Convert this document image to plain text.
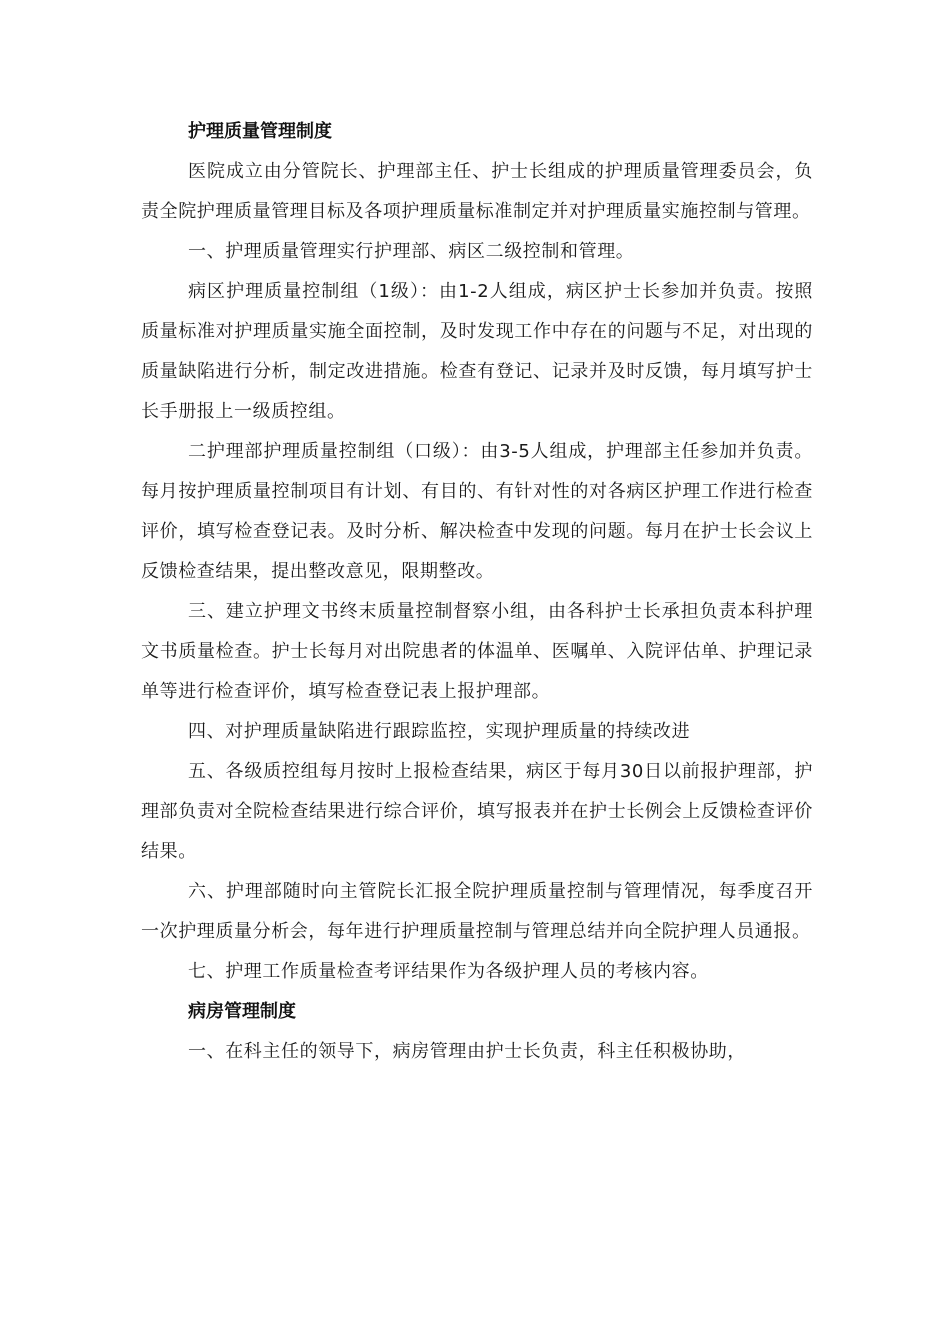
护理质量管理制度

医院成立由分管院长、护理部主任、护士长组成的护理质量管理委员会，负责全院护理质量管理目标及各项护理质量标准制定并对护理质量实施控制与管理。

一、护理质量管理实行护理部、病区二级控制和管理。

病区护理质量控制组（1级）：由1-2人组成，病区护士长参加并负责。按照质量标准对护理质量实施全面控制，及时发现工作中存在的问题与不足，对出现的质量缺陷进行分析，制定改进措施。检查有登记、记录并及时反馈，每月填写护士长手册报上一级质控组。

二护理部护理质量控制组（口级）：由3-5人组成，护理部主任参加并负责。每月按护理质量控制项目有计划、有目的、有针对性的对各病区护理工作进行检查评价，填写检查登记表。及时分析、解决检查中发现的问题。每月在护士长会议上反馈检查结果，提出整改意见，限期整改。

三、建立护理文书终末质量控制督察小组，由各科护士长承担负责本科护理文书质量检查。护士长每月对出院患者的体温单、医嘱单、入院评估单、护理记录单等进行检查评价，填写检查登记表上报护理部。

四、对护理质量缺陷进行跟踪监控，实现护理质量的持续改进

五、各级质控组每月按时上报检查结果，病区于每月30日以前报护理部，护理部负责对全院检查结果进行综合评价，填写报表并在护士长例会上反馈检查评价结果。

六、护理部随时向主管院长汇报全院护理质量控制与管理情况，每季度召开一次护理质量分析会，每年进行护理质量控制与管理总结并向全院护理人员通报。

七、护理工作质量检查考评结果作为各级护理人员的考核内容。

病房管理制度

一、在科主任的领导下，病房管理由护士长负责，科主任积极协助，
